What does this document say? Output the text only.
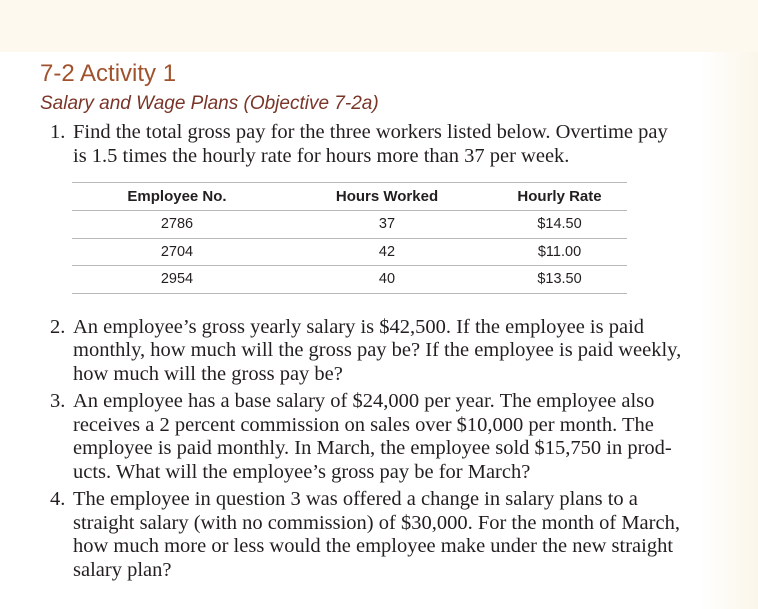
7-2 Activity 1
Salary and Wage Plans (Objective 7-2a)
1. Find the total gross pay for the three workers listed below. Overtime pay
is 1.5 times the hourly rate for hours more than 37 per week.
Employee No.	Hours Worked	Hourly Rate
2786	37	$14.50
2704	42	$11.00
2954	40	$13.50
2. An employee’s gross yearly salary is $42,500. If the employee is paid
monthly, how much will the gross pay be? If the employee is paid weekly,
how much will the gross pay be?
3. An employee has a base salary of $24,000 per year. The employee also
receives a 2 percent commission on sales over $10,000 per month. The
employee is paid monthly. In March, the employee sold $15,750 in prod-
ucts. What will the employee’s gross pay be for March?
4. The employee in question 3 was offered a change in salary plans to a
straight salary (with no commission) of $30,000. For the month of March,
how much more or less would the employee make under the new straight
salary plan?
